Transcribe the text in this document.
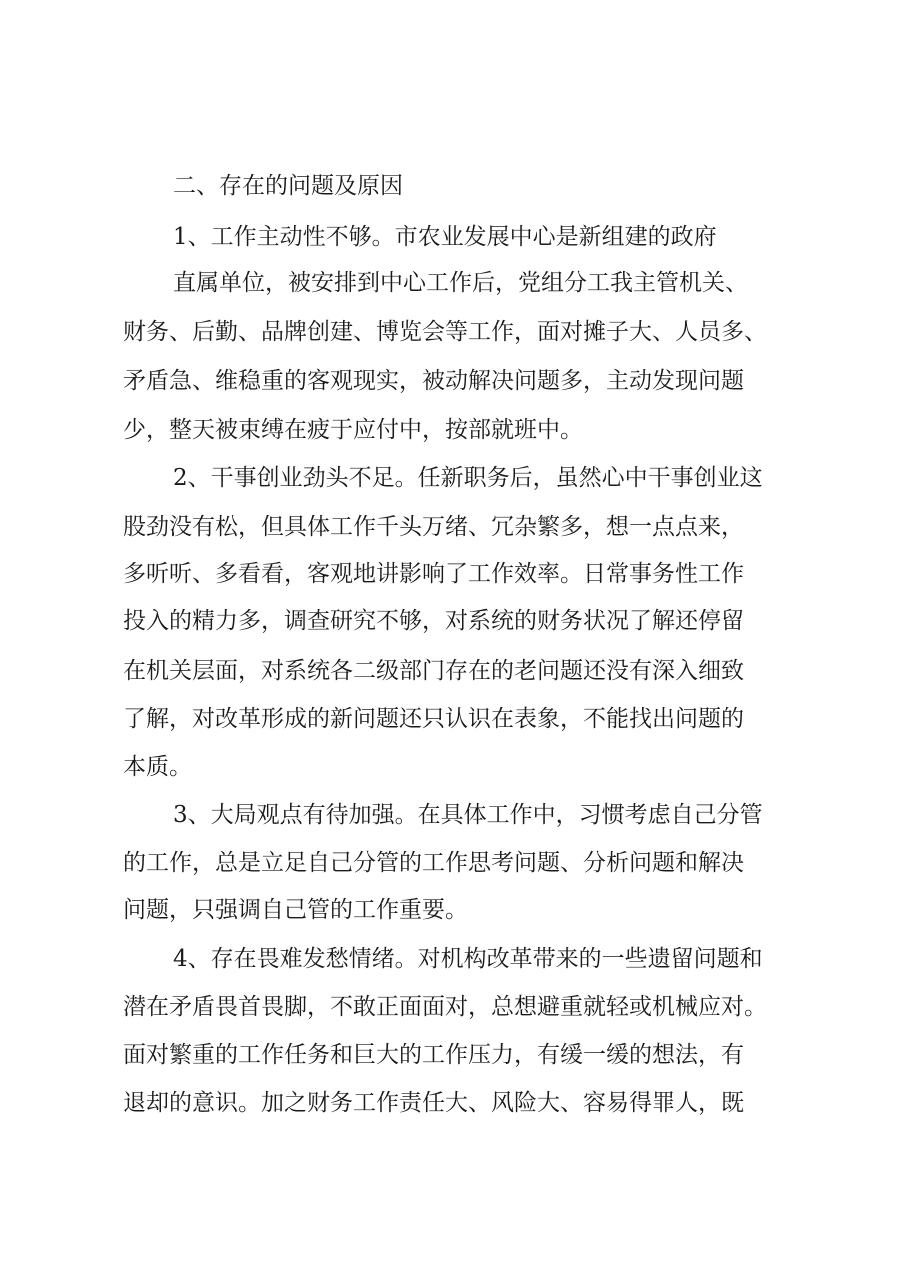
二、存在的问题及原因
1、工作主动性不够。市农业发展中心是新组建的政府
直属单位，被安排到中心工作后，党组分工我主管机关、
财务、后勤、品牌创建、博览会等工作，面对摊子大、人员多、
矛盾急、维稳重的客观现实，被动解决问题多，主动发现问题
少，整天被束缚在疲于应付中，按部就班中。
2、干事创业劲头不足。任新职务后，虽然心中干事创业这
股劲没有松，但具体工作千头万绪、冗杂繁多，想一点点来，
多听听、多看看，客观地讲影响了工作效率。日常事务性工作
投入的精力多，调查研究不够，对系统的财务状况了解还停留
在机关层面，对系统各二级部门存在的老问题还没有深入细致
了解，对改革形成的新问题还只认识在表象，不能找出问题的
本质。
3、大局观点有待加强。在具体工作中，习惯考虑自己分管
的工作，总是立足自己分管的工作思考问题、分析问题和解决
问题，只强调自己管的工作重要。
4、存在畏难发愁情绪。对机构改革带来的一些遗留问题和
潜在矛盾畏首畏脚，不敢正面面对，总想避重就轻或机械应对。
面对繁重的工作任务和巨大的工作压力，有缓一缓的想法，有
退却的意识。加之财务工作责任大、风险大、容易得罪人，既
